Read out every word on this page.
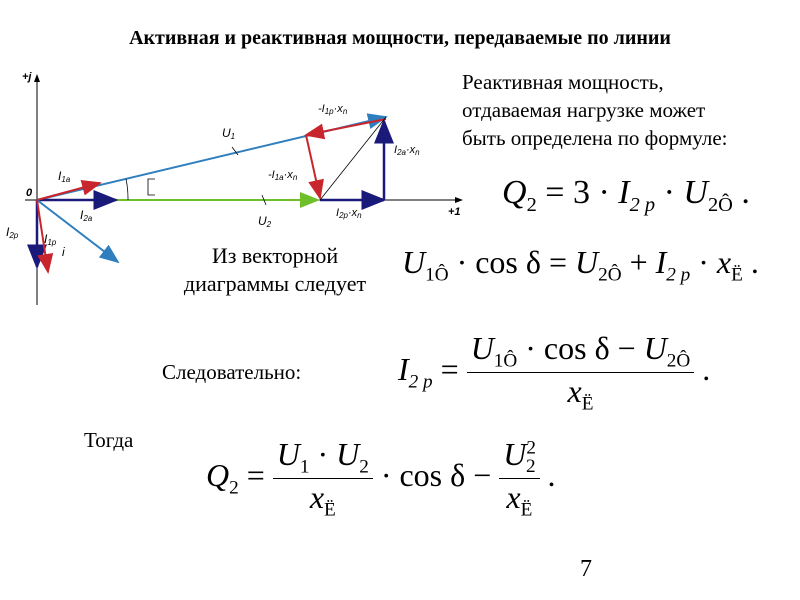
Активная и реактивная мощности, передаваемые по линии
+j
+1
0
U1
U2
I1a
I2a
I2p I1p
i
-I1p·xn
-I1a·xn
I2a·xn
I2p·xn
Реактивная мощность,
отдаваемая нагрузке может
быть определена по формуле:
$Q_2 = 3 \cdot I_{2 p} \cdot U_{2Ô}$ .
Из векторной
диаграммы следует
$U_{1Ô} \cdot \cos \delta = U_{2Ô} + I_{2 p} \cdot x_Ë$ .
Следовательно:	$I_{2 p} = \frac{U_{1Ô} \cdot \cos \delta - U_{2Ô}}{x_Ë}$ .
Тогда
$Q_2 = \frac{U_1 \cdot U_2}{x_Ë} \cdot \cos \delta - \frac{U^2_2}{x_Ë}$ .
7
